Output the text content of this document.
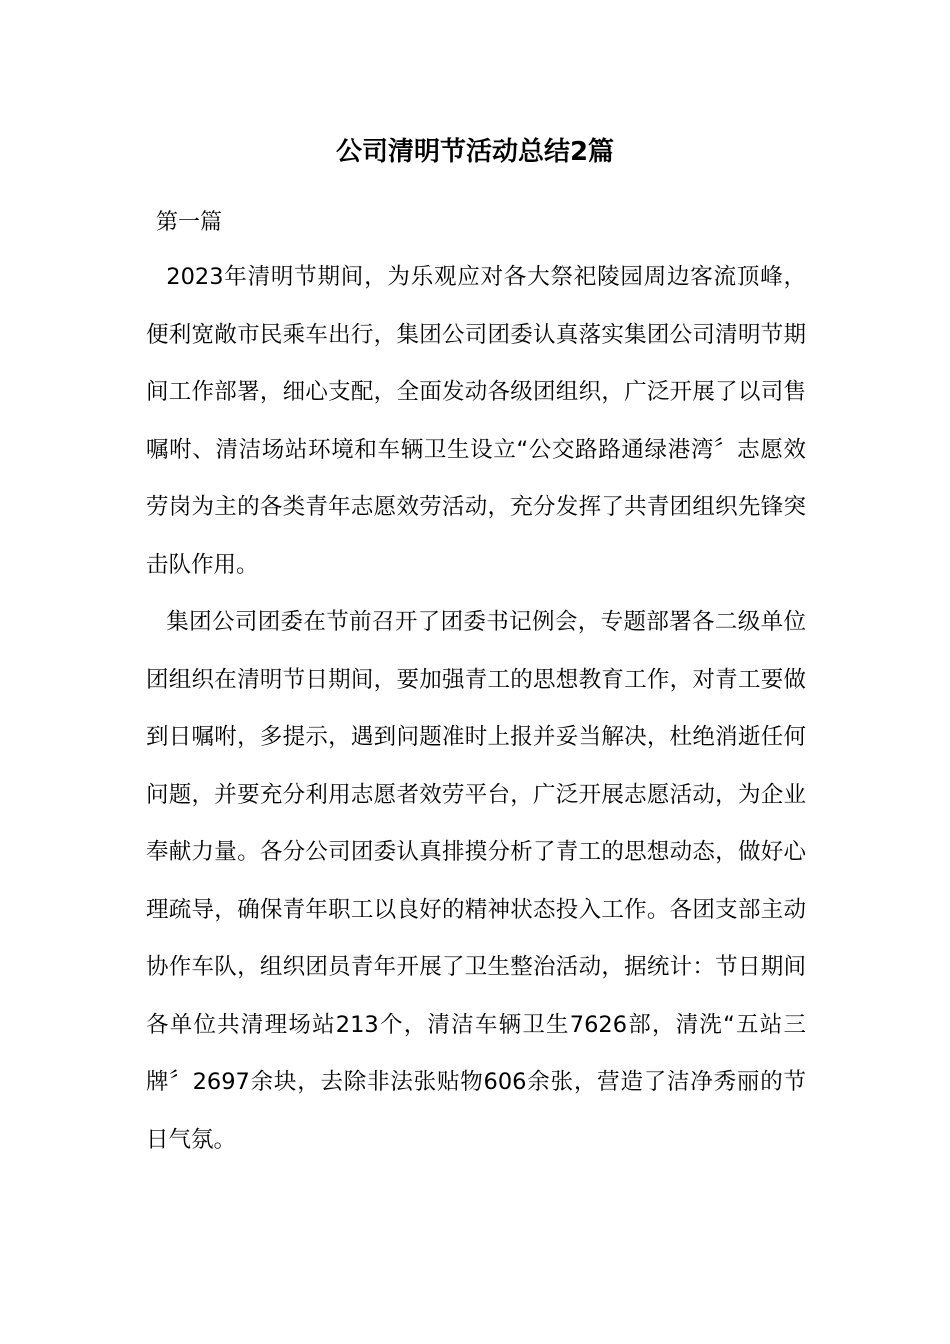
公司清明节活动总结2篇
第一篇

2023年清明节期间，为乐观应对各大祭祀陵园周边客流顶峰，便利宽敞市民乘车出行，集团公司团委认真落实集团公司清明节期间工作部署，细心支配，全面发动各级团组织，广泛开展了以司售嘱咐、清洁场站环境和车辆卫生设立“公交路路通绿港湾〞志愿效劳岗为主的各类青年志愿效劳活动，充分发挥了共青团组织先锋突击队作用。

集团公司团委在节前召开了团委书记例会，专题部署各二级单位团组织在清明节日期间，要加强青工的思想教育工作，对青工要做到日嘱咐，多提示，遇到问题准时上报并妥当解决，杜绝消逝任何问题，并要充分利用志愿者效劳平台，广泛开展志愿活动，为企业奉献力量。各分公司团委认真排摸分析了青工的思想动态，做好心理疏导，确保青年职工以良好的精神状态投入工作。各团支部主动协作车队，组织团员青年开展了卫生整治活动，据统计：节日期间各单位共清理场站213个，清洁车辆卫生7626部，清洗“五站三牌〞2697余块，去除非法张贴物606余张，营造了洁净秀丽的节日气氛。
